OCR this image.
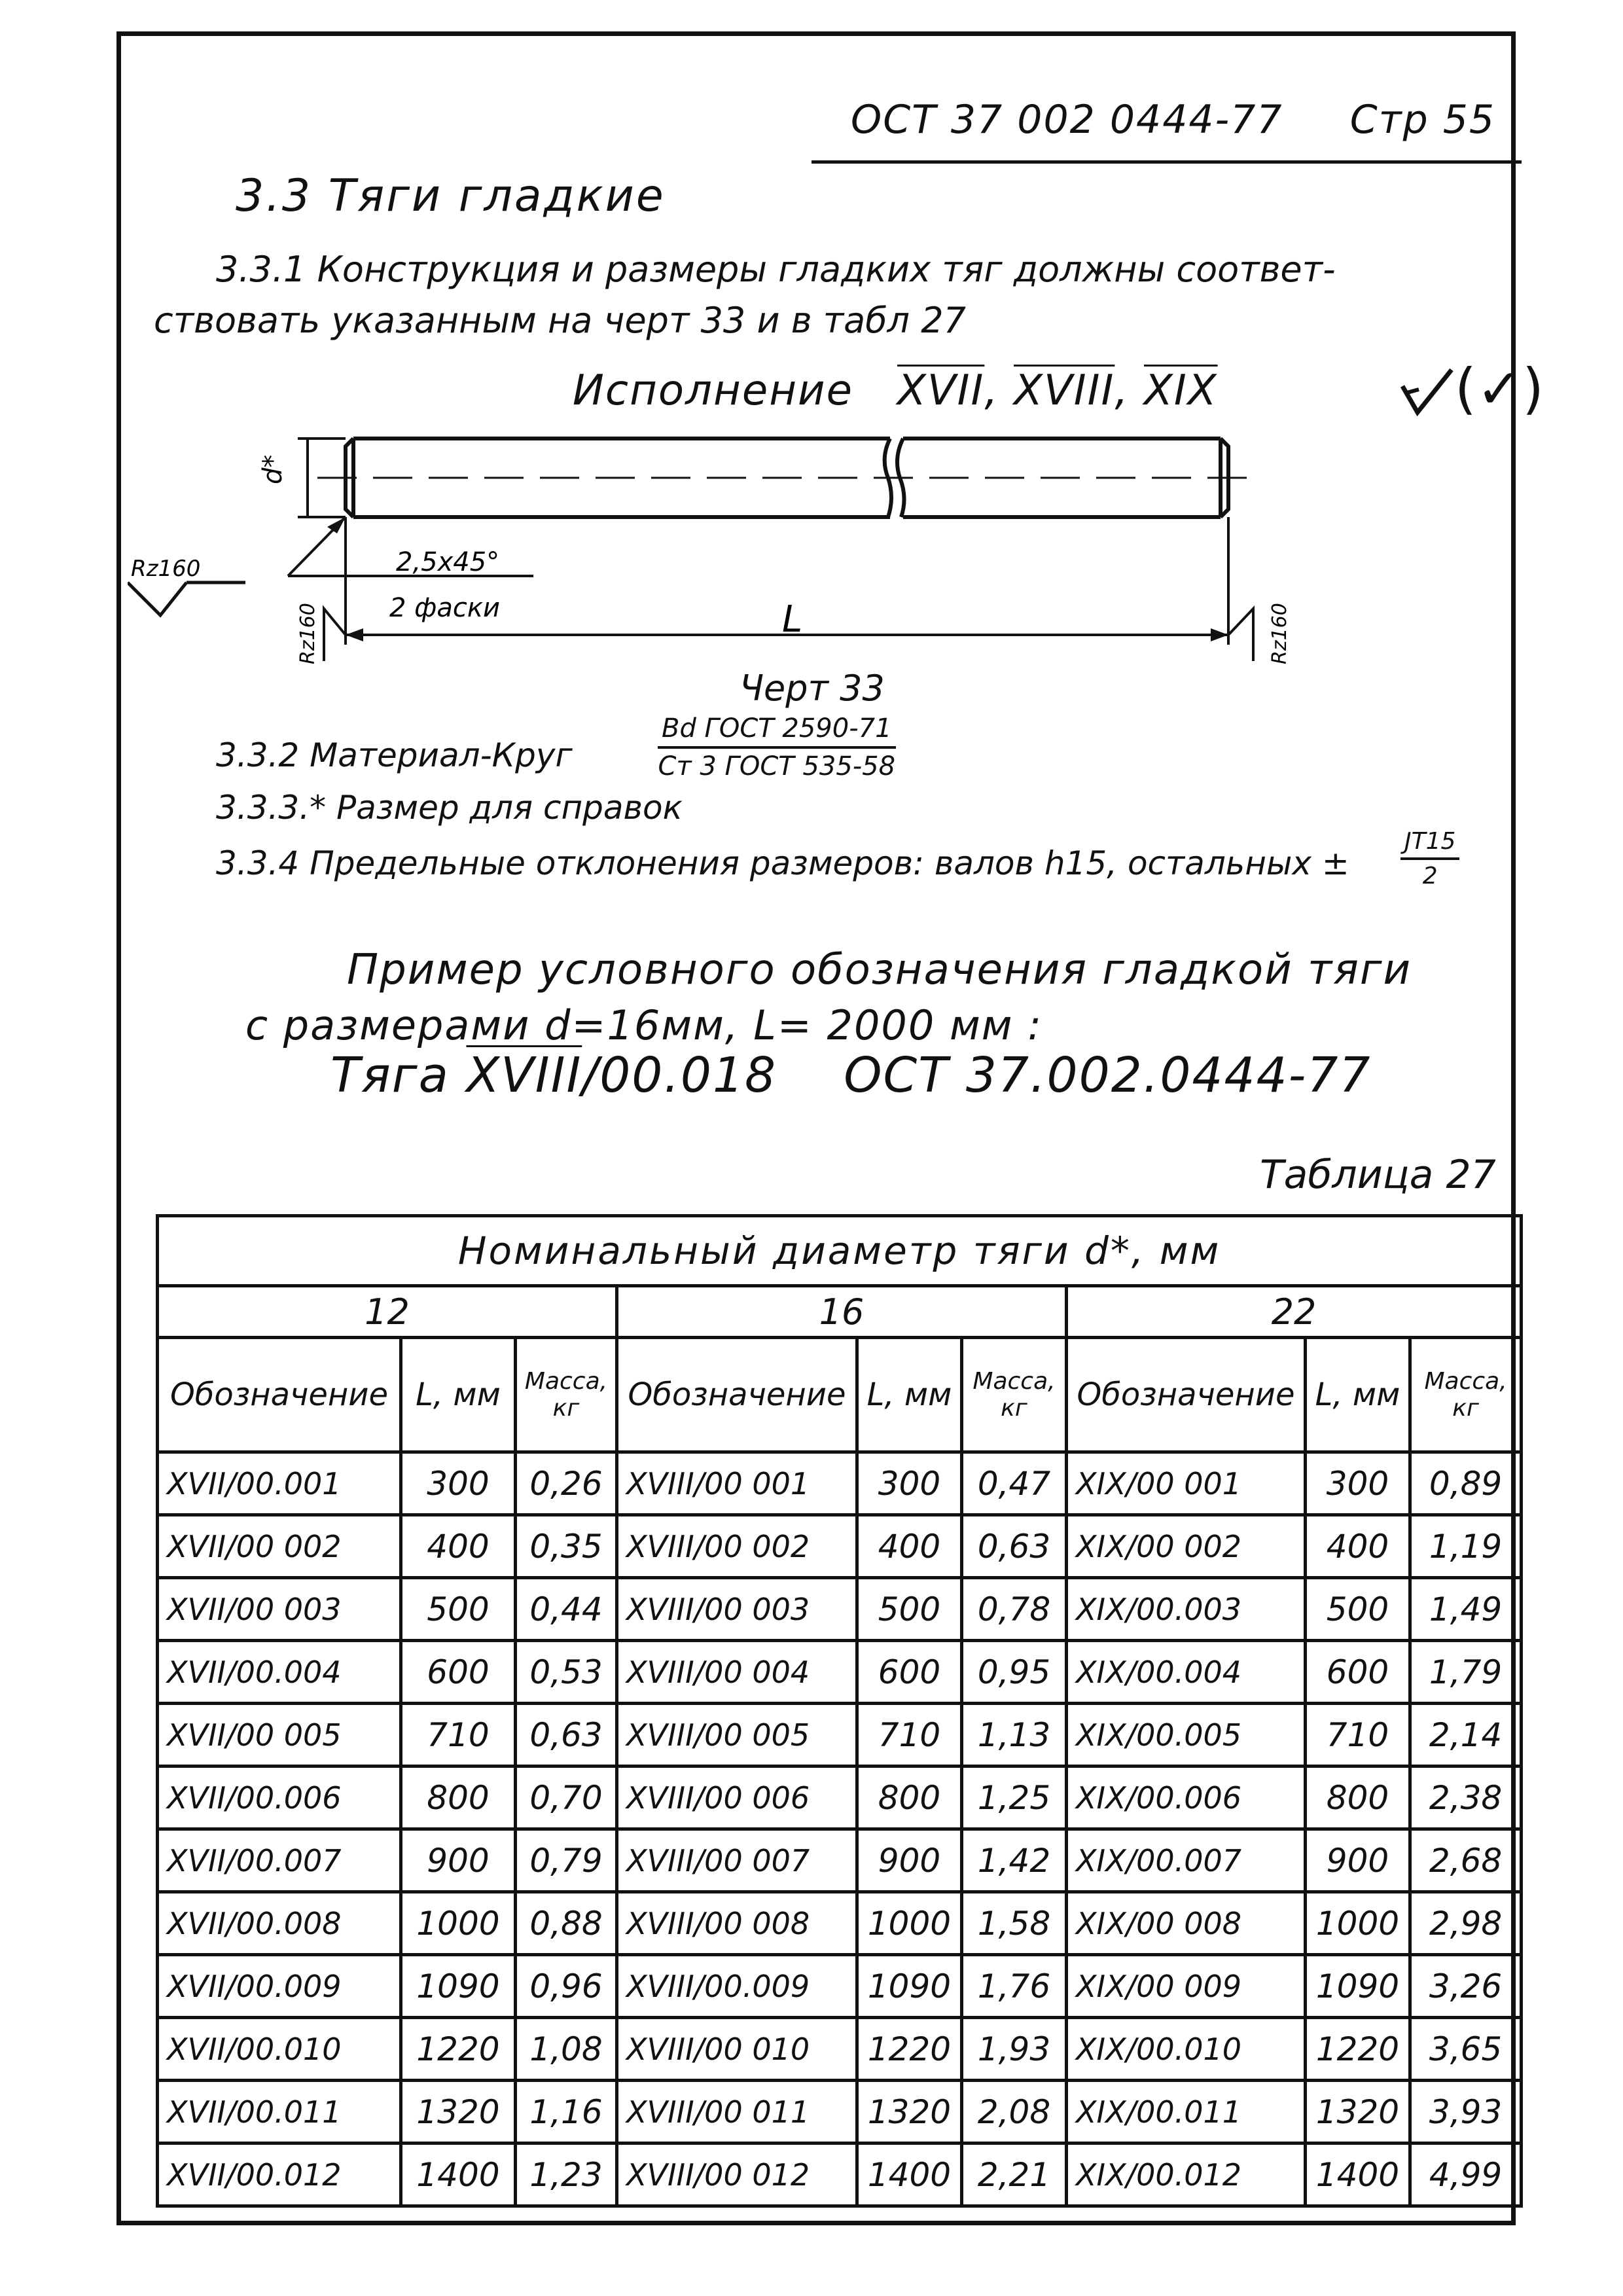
ОСТ 37 002 0444-77 Стр 55
3.3 Тяги гладкие
3.3.1 Конструкция и размеры гладких тяг должны соответ-
ствовать указанным на черт 33 и в табл 27
Исполнение XVII, XVIII, $\overline{XIX}$	(✓)
d*
Rz160	2,5x45°
2 фаски	L
Rz160	Rz160
Черт 33
3.3.2 Материал-Круг
Вd ГОСТ 2590-71
Ст 3 ГОСТ 535-58
3.3.3.* Размер для справок
3.3.4 Предельные отклонения размеров: валов h15, остальных ± $\frac{JT15}{2}$
Пример условного обозначения гладкой тяги
с размерами d=16мм, L= 2000 мм :
Тяга XVIII/00.018 ОСТ 37.002.0444-77
Таблица 27
Номинальный диаметр тяги d*, мм								
12			16			22		
Обозначение	L, мм	Масса, кг	Обозначение	L, мм	Масса, кг	Обозначение	L, мм	Масса, кг
XVII/00.001	300	0,26	XVIII/00 001	300	0,47	XIX/00 001	300	0,89
XVII/00 002	400	0,35	XVIII/00 002	400	0,63	XIX/00 002	400	1,19
XVII/00 003	500	0,44	XVIII/00 003	500	0,78	XIX/00.003	500	1,49
XVII/00.004	600	0,53	XVIII/00 004	600	0,95	XIX/00.004	600	1,79
XVII/00 005	710	0,63	XVIII/00 005	710	1,13	XIX/00.005	710	2,14
XVII/00.006	800	0,70	XVIII/00 006	800	1,25	XIX/00.006	800	2,38
XVII/00.007	900	0,79	XVIII/00 007	900	1,42	XIX/00.007	900	2,68
XVII/00.008	1000	0,88	XVIII/00 008	1000	1,58	XIX/00 008	1000	2,98
XVII/00.009	1090	0,96	XVIII/00.009	1090	1,76	XIX/00 009	1090	3,26
XVII/00.010	1220	1,08	XVIII/00 010	1220	1,93	XIX/00.010	1220	3,65
XVII/00.011	1320	1,16	XVIII/00 011	1320	2,08	XIX/00.011	1320	3,93
XVII/00.012	1400	1,23	XVIII/00 012	1400	2,21	XIX/00.012	1400	4,99
